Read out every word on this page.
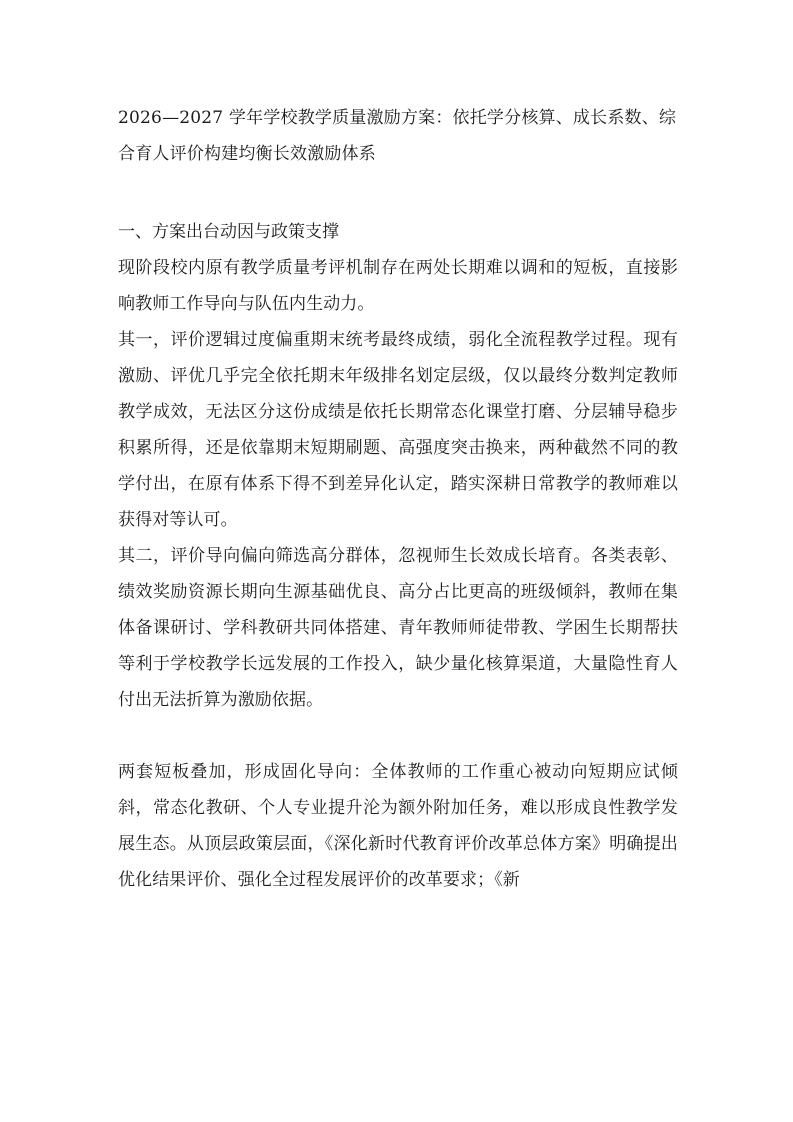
2026—2027 学年学校教学质量激励方案：依托学分核算、成长系数、综合育人评价构建均衡长效激励体系
一、方案出台动因与政策支撑

现阶段校内原有教学质量考评机制存在两处长期难以调和的短板，直接影响教师工作导向与队伍内生动力。

其一，评价逻辑过度偏重期末统考最终成绩，弱化全流程教学过程。现有激励、评优几乎完全依托期末年级排名划定层级，仅以最终分数判定教师教学成效，无法区分这份成绩是依托长期常态化课堂打磨、分层辅导稳步积累所得，还是依靠期末短期刷题、高强度突击换来，两种截然不同的教学付出，在原有体系下得不到差异化认定，踏实深耕日常教学的教师难以获得对等认可。

其二，评价导向偏向筛选高分群体，忽视师生长效成长培育。各类表彰、绩效奖励资源长期向生源基础优良、高分占比更高的班级倾斜，教师在集体备课研讨、学科教研共同体搭建、青年教师师徒带教、学困生长期帮扶等利于学校教学长远发展的工作投入，缺少量化核算渠道，大量隐性育人付出无法折算为激励依据。

两套短板叠加，形成固化导向：全体教师的工作重心被动向短期应试倾斜，常态化教研、个人专业提升沦为额外附加任务，难以形成良性教学发展生态。从顶层政策层面，《深化新时代教育评价改革总体方案》明确提出优化结果评价、强化全过程发展评价的改革要求；《新
